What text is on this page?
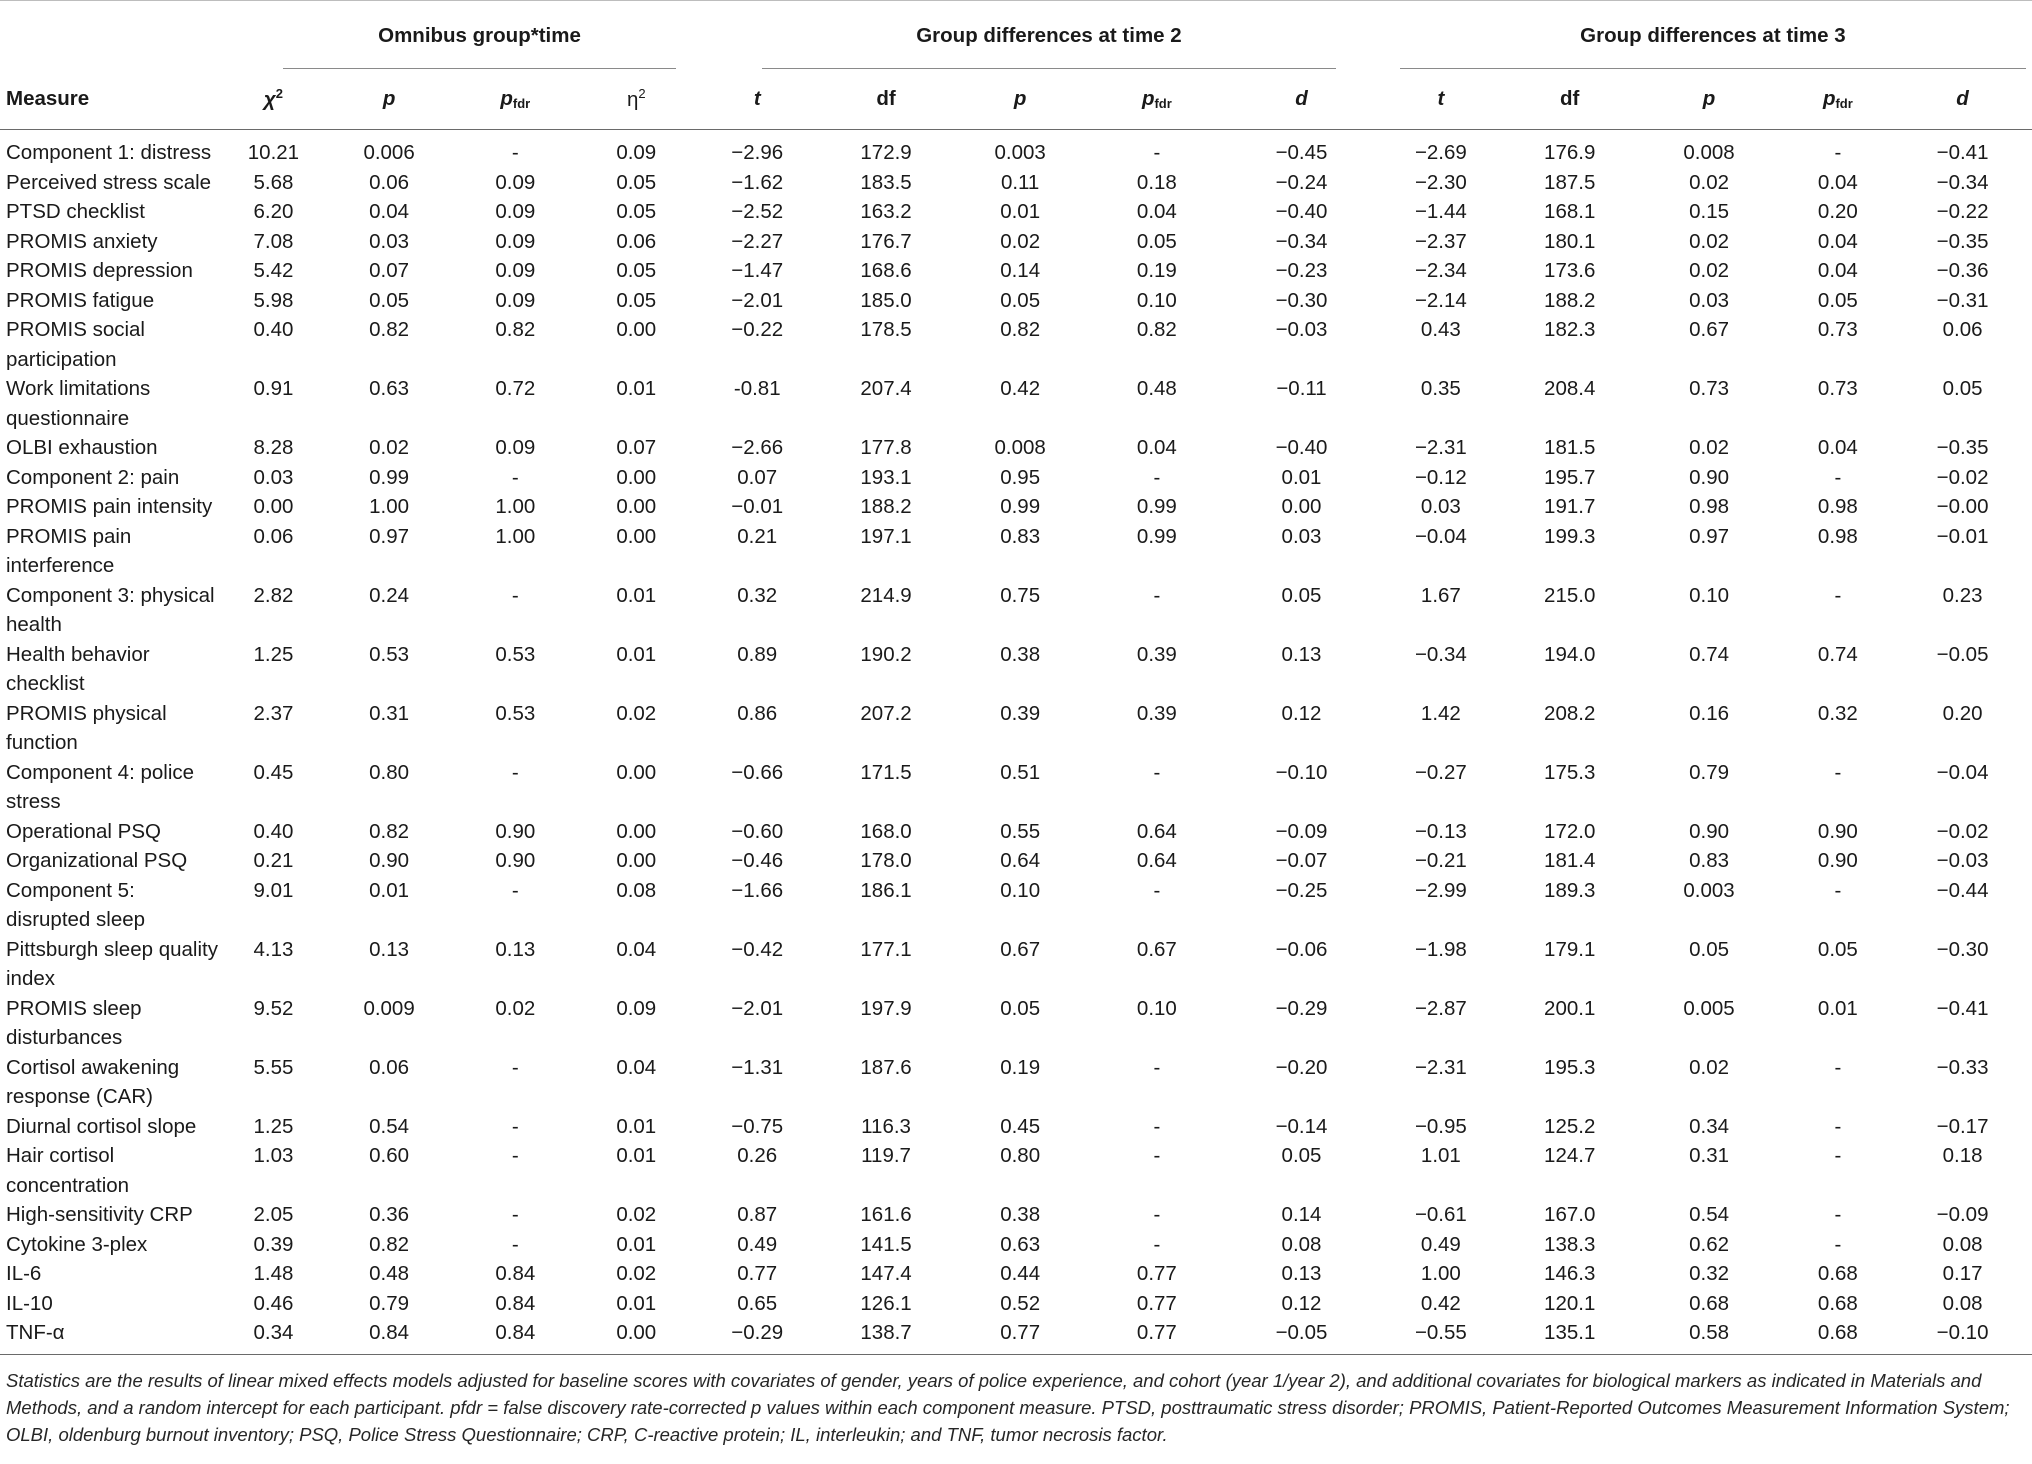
	Omnibus group*time				Group differences at time 2					Group differences at time 3				

Measure	$\chi^2$	p	pfdr	$\eta^2$	t	df	p	pfdr	d	t	df	p	pfdr	d
Component 1: distress	10.21	0.006	-	0.09	−2.96	172.9	0.003	-	−0.45	−2.69	176.9	0.008	-	−0.41
Perceived stress scale	5.68	0.06	0.09	0.05	−1.62	183.5	0.11	0.18	−0.24	−2.30	187.5	0.02	0.04	−0.34
PTSD checklist	6.20	0.04	0.09	0.05	−2.52	163.2	0.01	0.04	−0.40	−1.44	168.1	0.15	0.20	−0.22
PROMIS anxiety	7.08	0.03	0.09	0.06	−2.27	176.7	0.02	0.05	−0.34	−2.37	180.1	0.02	0.04	−0.35
PROMIS depression	5.42	0.07	0.09	0.05	−1.47	168.6	0.14	0.19	−0.23	−2.34	173.6	0.02	0.04	−0.36
PROMIS fatigue	5.98	0.05	0.09	0.05	−2.01	185.0	0.05	0.10	−0.30	−2.14	188.2	0.03	0.05	−0.31
PROMIS social participation	0.40	0.82	0.82	0.00	−0.22	178.5	0.82	0.82	−0.03	0.43	182.3	0.67	0.73	0.06
Work limitations questionnaire	0.91	0.63	0.72	0.01	-0.81	207.4	0.42	0.48	−0.11	0.35	208.4	0.73	0.73	0.05
OLBI exhaustion	8.28	0.02	0.09	0.07	−2.66	177.8	0.008	0.04	−0.40	−2.31	181.5	0.02	0.04	−0.35
Component 2: pain	0.03	0.99	-	0.00	0.07	193.1	0.95	-	0.01	−0.12	195.7	0.90	-	−0.02
PROMIS pain intensity	0.00	1.00	1.00	0.00	−0.01	188.2	0.99	0.99	0.00	0.03	191.7	0.98	0.98	−0.00
PROMIS pain interference	0.06	0.97	1.00	0.00	0.21	197.1	0.83	0.99	0.03	−0.04	199.3	0.97	0.98	−0.01
Component 3: physical health	2.82	0.24	-	0.01	0.32	214.9	0.75	-	0.05	1.67	215.0	0.10	-	0.23
Health behavior checklist	1.25	0.53	0.53	0.01	0.89	190.2	0.38	0.39	0.13	−0.34	194.0	0.74	0.74	−0.05
PROMIS physical function	2.37	0.31	0.53	0.02	0.86	207.2	0.39	0.39	0.12	1.42	208.2	0.16	0.32	0.20
Component 4: police stress	0.45	0.80	-	0.00	−0.66	171.5	0.51	-	−0.10	−0.27	175.3	0.79	-	−0.04
Operational PSQ	0.40	0.82	0.90	0.00	−0.60	168.0	0.55	0.64	−0.09	−0.13	172.0	0.90	0.90	−0.02
Organizational PSQ	0.21	0.90	0.90	0.00	−0.46	178.0	0.64	0.64	−0.07	−0.21	181.4	0.83	0.90	−0.03
Component 5: disrupted sleep	9.01	0.01	-	0.08	−1.66	186.1	0.10	-	−0.25	−2.99	189.3	0.003	-	−0.44
Pittsburgh sleep quality index	4.13	0.13	0.13	0.04	−0.42	177.1	0.67	0.67	−0.06	−1.98	179.1	0.05	0.05	−0.30
PROMIS sleep disturbances	9.52	0.009	0.02	0.09	−2.01	197.9	0.05	0.10	−0.29	−2.87	200.1	0.005	0.01	−0.41
Cortisol awakening response (CAR)	5.55	0.06	-	0.04	−1.31	187.6	0.19	-	−0.20	−2.31	195.3	0.02	-	−0.33
Diurnal cortisol slope	1.25	0.54	-	0.01	−0.75	116.3	0.45	-	−0.14	−0.95	125.2	0.34	-	−0.17
Hair cortisol concentration	1.03	0.60	-	0.01	0.26	119.7	0.80	-	0.05	1.01	124.7	0.31	-	0.18
High-sensitivity CRP	2.05	0.36	-	0.02	0.87	161.6	0.38	-	0.14	−0.61	167.0	0.54	-	−0.09
Cytokine 3-plex	0.39	0.82	-	0.01	0.49	141.5	0.63	-	0.08	0.49	138.3	0.62	-	0.08
IL-6	1.48	0.48	0.84	0.02	0.77	147.4	0.44	0.77	0.13	1.00	146.3	0.32	0.68	0.17
IL-10	0.46	0.79	0.84	0.01	0.65	126.1	0.52	0.77	0.12	0.42	120.1	0.68	0.68	0.08
TNF-α	0.34	0.84	0.84	0.00	−0.29	138.7	0.77	0.77	−0.05	−0.55	135.1	0.58	0.68	−0.10
Statistics are the results of linear mixed effects models adjusted for baseline scores with covariates of gender, years of police experience, and cohort (year 1/year 2), and additional covariates for biological markers as indicated in Materials and Methods, and a random intercept for each participant. pfdr = false discovery rate-corrected p values within each component measure. PTSD, posttraumatic stress disorder; PROMIS, Patient-Reported Outcomes Measurement Information System; OLBI, oldenburg burnout inventory; PSQ, Police Stress Questionnaire; CRP, C-reactive protein; IL, interleukin; and TNF, tumor necrosis factor.														
